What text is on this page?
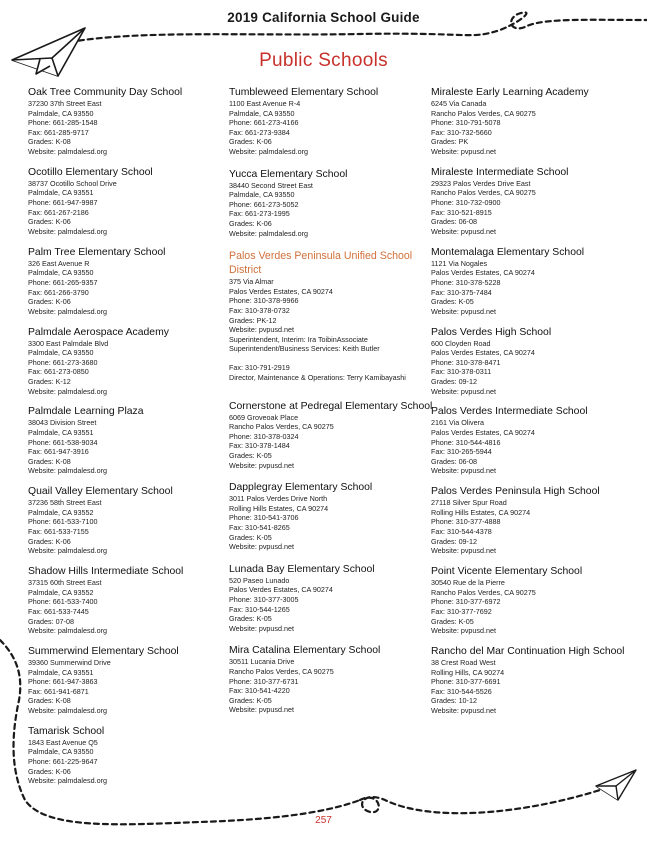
2019 California School Guide
Public Schools
Oak Tree Community Day School
37230 37th Street East
Palmdale, CA 93550
Phone: 661-285-1548
Fax: 661-285-9717
Grades: K-08
Website: palmdalesd.org
Ocotillo Elementary School
38737 Ocotillo School Drive
Palmdale, CA 93551
Phone: 661-947-9987
Fax: 661-267-2186
Grades: K-06
Website: palmdalesd.org
Palm Tree Elementary School
326 East Avenue R
Palmdale, CA 93550
Phone: 661-265-9357
Fax: 661-266-3790
Grades: K-06
Website: palmdalesd.org
Palmdale Aerospace Academy
3300 East Palmdale Blvd
Palmdale, CA 93550
Phone: 661-273-3680
Fax: 661-273-0850
Grades: K-12
Website: palmdalesd.org
Palmdale Learning Plaza
38043 Division Street
Palmdale, CA 93551
Phone: 661-538-9034
Fax: 661-947-3916
Grades: K-08
Website: palmdalesd.org
Quail Valley Elementary School
37236 58th Street East
Palmdale, CA 93552
Phone: 661-533-7100
Fax: 661-533-7155
Grades: K-06
Website: palmdalesd.org
Shadow Hills Intermediate School
37315 60th Street East
Palmdale, CA 93552
Phone: 661-533-7400
Fax: 661-533-7445
Grades: 07-08
Website: palmdalesd.org
Summerwind Elementary School
39360 Summerwind Drive
Palmdale, CA 93551
Phone: 661-947-3863
Fax: 661-941-6871
Grades: K-08
Website: palmdalesd.org
Tamarisk School
1843 East Avenue Q5
Palmdale, CA 93550
Phone: 661-225-9647
Grades: K-06
Website: palmdalesd.org
Tumbleweed Elementary School
1100 East Avenue R-4
Palmdale, CA 93550
Phone: 661-273-4166
Fax: 661-273-9384
Grades: K-06
Website: palmdalesd.org
Yucca Elementary School
38440 Second Street East
Palmdale, CA 93550
Phone: 661-273-5052
Fax: 661-273-1995
Grades: K-06
Website: palmdalesd.org
Palos Verdes Peninsula Unified School District
375 Via Almar
Palos Verdes Estates, CA 90274
Phone: 310-378-9966
Fax: 310-378-0732
Grades: PK-12
Website: pvpusd.net
Superintendent, Interim: Ira ToibinAssociate
Superintendent/Business Services: Keith Butler
Fax: 310-791-2919
Director, Maintenance & Operations: Terry Kamibayashi
Cornerstone at Pedregal Elementary School
6069 Groveoak Place
Rancho Palos Verdes, CA 90275
Phone: 310-378-0324
Fax: 310-378-1484
Grades: K-05
Website: pvpusd.net
Dapplegray Elementary School
3011 Palos Verdes Drive North
Rolling Hills Estates, CA 90274
Phone: 310-541-3706
Fax: 310-541-8265
Grades: K-05
Website: pvpusd.net
Lunada Bay Elementary School
520 Paseo Lunado
Palos Verdes Estates, CA 90274
Phone: 310-377-3005
Fax: 310-544-1265
Grades: K-05
Website: pvpusd.net
Mira Catalina Elementary School
30511 Lucania Drive
Rancho Palos Verdes, CA 90275
Phone: 310-377-6731
Fax: 310-541-4220
Grades: K-05
Website: pvpusd.net
Miraleste Early Learning Academy
6245 Via Canada
Rancho Palos Verdes, CA 90275
Phone: 310-791-5078
Fax: 310-732-5660
Grades: PK
Website: pvpusd.net
Miraleste Intermediate School
29323 Palos Verdes Drive East
Rancho Palos Verdes, CA 90275
Phone: 310-732-0900
Fax: 310-521-8915
Grades: 06-08
Website: pvpusd.net
Montemalaga Elementary School
1121 Via Nogales
Palos Verdes Estates, CA 90274
Phone: 310-378-5228
Fax: 310-375-7484
Grades: K-05
Website: pvpusd.net
Palos Verdes High School
600 Cloyden Road
Palos Verdes Estates, CA 90274
Phone: 310-378-8471
Fax: 310-378-0311
Grades: 09-12
Website: pvpusd.net
Palos Verdes Intermediate School
2161 Via Olivera
Palos Verdes Estates, CA 90274
Phone: 310-544-4816
Fax: 310-265-5944
Grades: 06-08
Website: pvpusd.net
Palos Verdes Peninsula High School
27118 Silver Spur Road
Rolling Hills Estates, CA 90274
Phone: 310-377-4888
Fax: 310-544-4378
Grades: 09-12
Website: pvpusd.net
Point Vicente Elementary School
30540 Rue de la Pierre
Rancho Palos Verdes, CA 90275
Phone: 310-377-6972
Fax: 310-377-7692
Grades: K-05
Website: pvpusd.net
Rancho del Mar Continuation High School
38 Crest Road West
Rolling Hills, CA 90274
Phone: 310-377-6691
Fax: 310-544-5526
Grades: 10-12
Website: pvpusd.net
257
